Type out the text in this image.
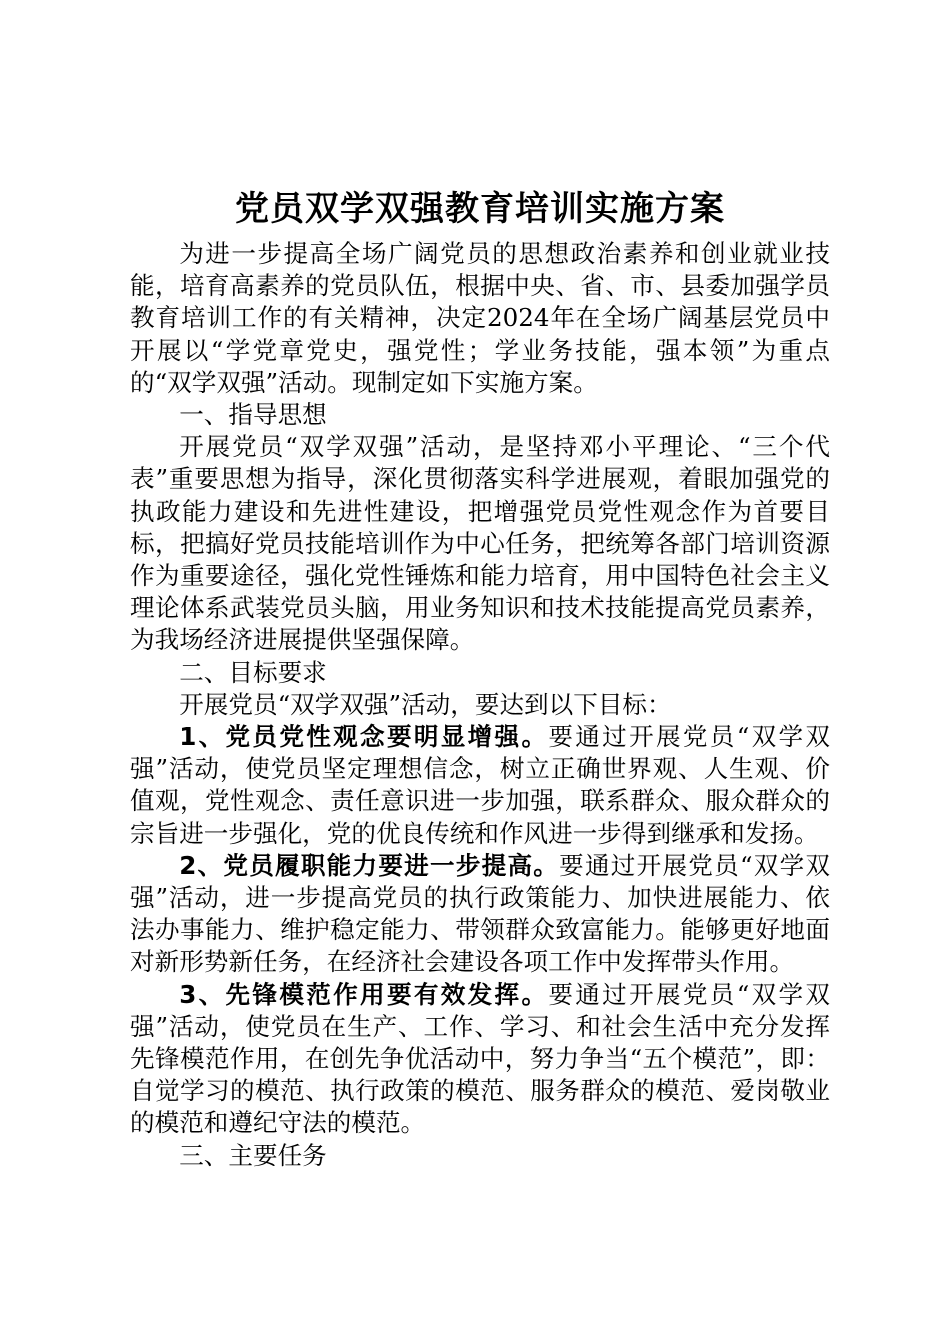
党员双学双强教育培训实施方案

为进一步提高全场广阔党员的思想政治素养和创业就业技能，培育高素养的党员队伍，根据中央、省、市、县委加强学员教育培训工作的有关精神，决定2024年在全场广阔基层党员中开展以“学党章党史，强党性；学业务技能，强本领”为重点的“双学双强”活动。现制定如下实施方案。

一、指导思想

开展党员“双学双强”活动，是坚持邓小平理论、“三个代表”重要思想为指导，深化贯彻落实科学进展观，着眼加强党的执政能力建设和先进性建设，把增强党员党性观念作为首要目标，把搞好党员技能培训作为中心任务，把统筹各部门培训资源作为重要途径，强化党性锤炼和能力培育，用中国特色社会主义理论体系武装党员头脑，用业务知识和技术技能提高党员素养，为我场经济进展提供坚强保障。

二、目标要求

开展党员“双学双强”活动，要达到以下目标：

1、党员党性观念要明显增强。要通过开展党员“双学双强”活动，使党员坚定理想信念，树立正确世界观、人生观、价值观，党性观念、责任意识进一步加强，联系群众、服众群众的宗旨进一步强化，党的优良传统和作风进一步得到继承和发扬。

2、党员履职能力要进一步提高。要通过开展党员“双学双强”活动，进一步提高党员的执行政策能力、加快进展能力、依法办事能力、维护稳定能力、带领群众致富能力。能够更好地面对新形势新任务，在经济社会建设各项工作中发挥带头作用。

3、先锋模范作用要有效发挥。要通过开展党员“双学双强”活动，使党员在生产、工作、学习、和社会生活中充分发挥先锋模范作用，在创先争优活动中，努力争当“五个模范”，即：自觉学习的模范、执行政策的模范、服务群众的模范、爱岗敬业的模范和遵纪守法的模范。

三、主要任务
